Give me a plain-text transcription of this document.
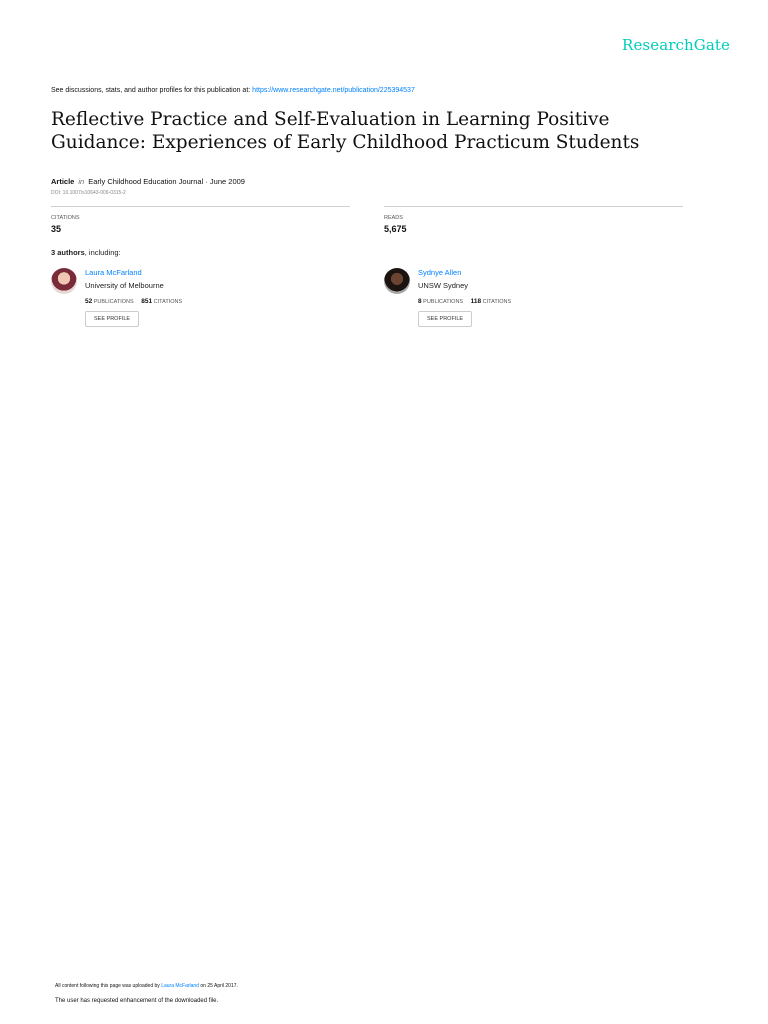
ResearchGate
See discussions, stats, and author profiles for this publication at: https://www.researchgate.net/publication/225394537
Reflective Practice and Self-Evaluation in Learning Positive Guidance: Experiences of Early Childhood Practicum Students
Article in Early Childhood Education Journal · June 2009
DOI: 10.1007/s10643-009-0315-2
CITATIONS
35
READS
5,675
3 authors, including:
Laura McFarland
University of Melbourne
52 PUBLICATIONS 851 CITATIONS
SEE PROFILE
Sydnye Allen
UNSW Sydney
8 PUBLICATIONS 118 CITATIONS
SEE PROFILE
All content following this page was uploaded by Laura McFarland on 25 April 2017.
The user has requested enhancement of the downloaded file.
